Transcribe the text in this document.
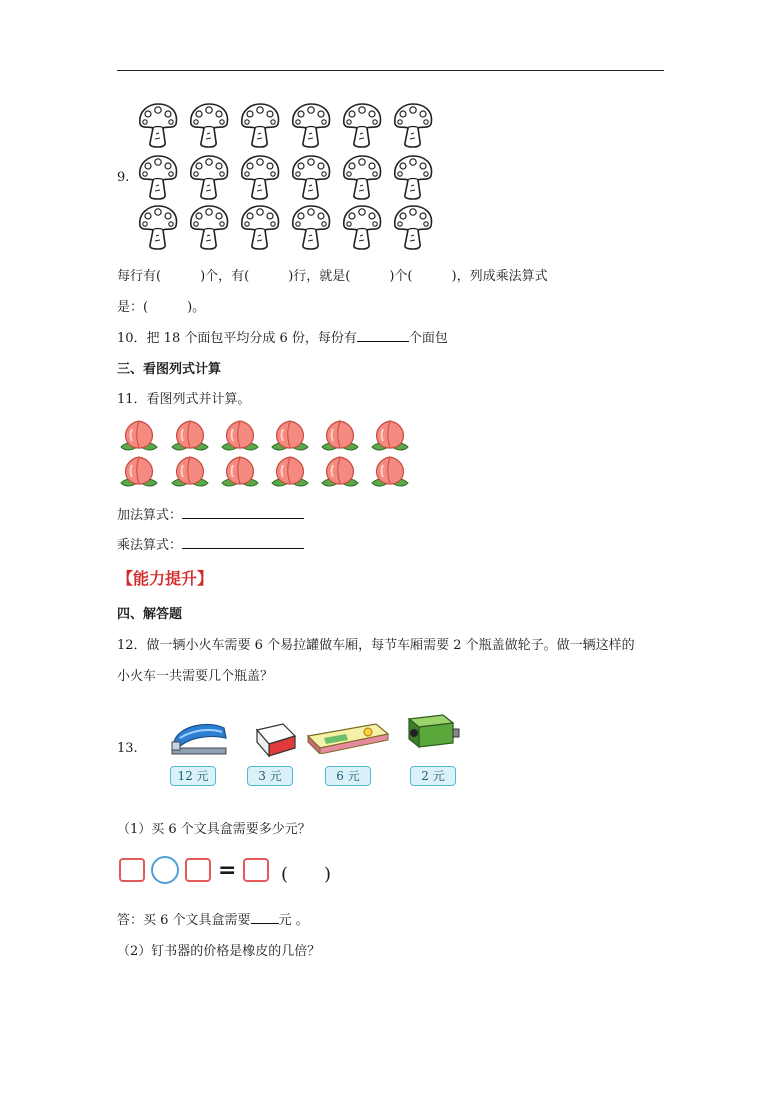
9.
每行有(　　　)个，有(　　　)行，就是(　　　)个(　　　)，列成乘法算式
是：(　　　)。
10．把 18 个面包平均分成 6 份，每份有	个面包
三、看图列式计算
11．看图列式并计算。
加法算式：
乘法算式：
【能力提升】
四、解答题
12．做一辆小火车需要 6 个易拉罐做车厢，每节车厢需要 2 个瓶盖做轮子。做一辆这样的
小火车一共需要几个瓶盖？
13.
12 元	3 元	6 元	2 元
（1）买 6 个文具盒需要多少元？
= (　　)
答：买 6 个文具盒需要 元 。
（2）钉书器的价格是橡皮的几倍？
